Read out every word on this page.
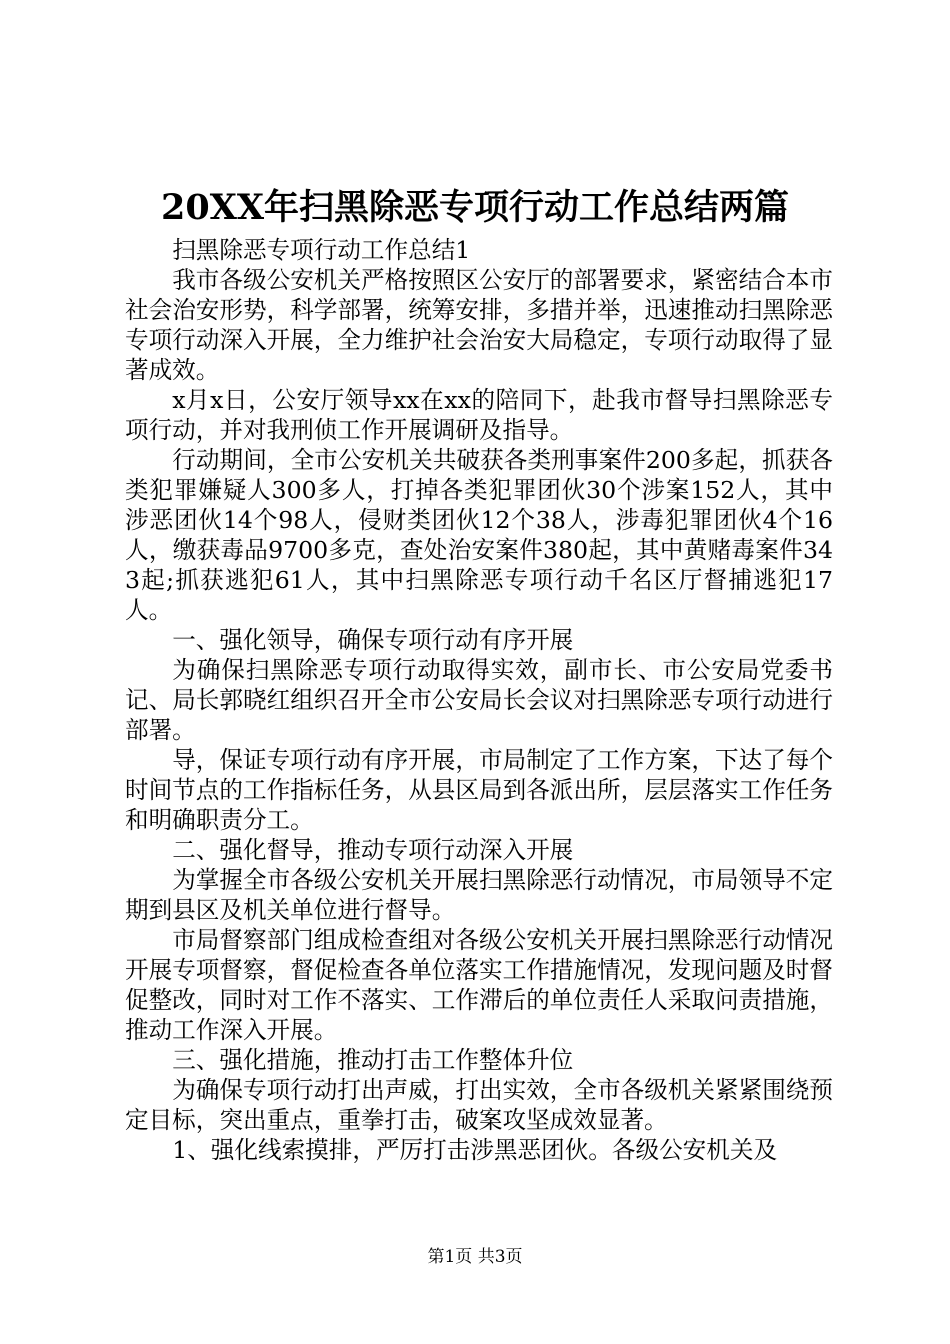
20XX年扫黑除恶专项行动工作总结两篇

扫黑除恶专项行动工作总结1

我市各级公安机关严格按照区公安厅的部署要求，紧密结合本市社会治安形势，科学部署，统筹安排，多措并举，迅速推动扫黑除恶专项行动深入开展，全力维护社会治安大局稳定，专项行动取得了显著成效。

x月x日，公安厅领导xx在xx的陪同下，赴我市督导扫黑除恶专项行动，并对我刑侦工作开展调研及指导。

行动期间，全市公安机关共破获各类刑事案件200多起，抓获各类犯罪嫌疑人300多人，打掉各类犯罪团伙30个涉案152人，其中涉恶团伙14个98人，侵财类团伙12个38人，涉毒犯罪团伙4个16人，缴获毒品9700多克，查处治安案件380起，其中黄赌毒案件343起;抓获逃犯61人，其中扫黑除恶专项行动千名区厅督捕逃犯17人。

一、强化领导，确保专项行动有序开展

为确保扫黑除恶专项行动取得实效，副市长、市公安局党委书记、局长郭晓红组织召开全市公安局长会议对扫黑除恶专项行动进行部署。

导，保证专项行动有序开展，市局制定了工作方案，下达了每个时间节点的工作指标任务，从县区局到各派出所，层层落实工作任务和明确职责分工。

二、强化督导，推动专项行动深入开展

为掌握全市各级公安机关开展扫黑除恶行动情况，市局领导不定期到县区及机关单位进行督导。

市局督察部门组成检查组对各级公安机关开展扫黑除恶行动情况开展专项督察，督促检查各单位落实工作措施情况，发现问题及时督促整改，同时对工作不落实、工作滞后的单位责任人采取问责措施，推动工作深入开展。

三、强化措施，推动打击工作整体升位

为确保专项行动打出声威，打出实效，全市各级机关紧紧围绕预定目标，突出重点，重拳打击，破案攻坚成效显著。

1、强化线索摸排，严厉打击涉黑恶团伙。各级公安机关及

第1页 共3页
